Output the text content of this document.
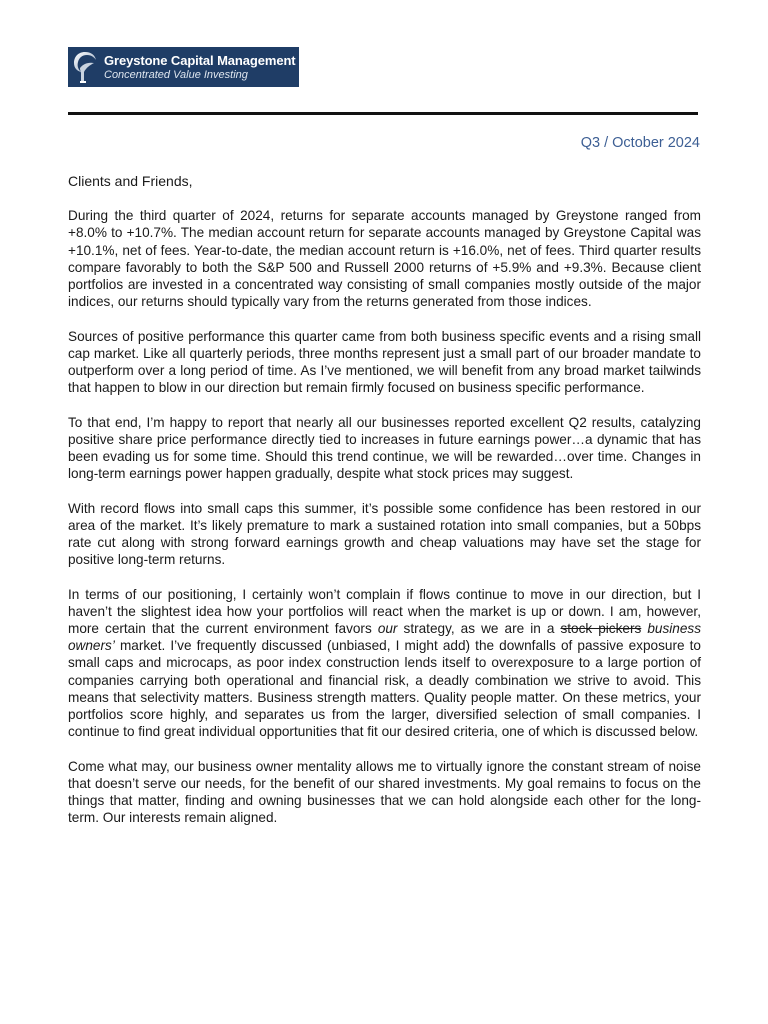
Greystone Capital Management
Concentrated Value Investing
Q3 / October 2024

Clients and Friends,

During the third quarter of 2024, returns for separate accounts managed by Greystone ranged from +8.0% to +10.7%. The median account return for separate accounts managed by Greystone Capital was +10.1%, net of fees. Year-to-date, the median account return is +16.0%, net of fees. Third quarter results compare favorably to both the S&P 500 and Russell 2000 returns of +5.9% and +9.3%. Because client portfolios are invested in a concentrated way consisting of small companies mostly outside of the major indices, our returns should typically vary from the returns generated from those indices.

Sources of positive performance this quarter came from both business specific events and a rising small cap market. Like all quarterly periods, three months represent just a small part of our broader mandate to outperform over a long period of time. As I’ve mentioned, we will benefit from any broad market tailwinds that happen to blow in our direction but remain firmly focused on business specific performance.

To that end, I’m happy to report that nearly all our businesses reported excellent Q2 results, catalyzing positive share price performance directly tied to increases in future earnings power…a dynamic that has been evading us for some time. Should this trend continue, we will be rewarded…over time. Changes in long-term earnings power happen gradually, despite what stock prices may suggest.

With record flows into small caps this summer, it’s possible some confidence has been restored in our area of the market. It’s likely premature to mark a sustained rotation into small companies, but a 50bps rate cut along with strong forward earnings growth and cheap valuations may have set the stage for positive long-term returns.

In terms of our positioning, I certainly won’t complain if flows continue to move in our direction, but I haven’t the slightest idea how your portfolios will react when the market is up or down. I am, however, more certain that the current environment favors our strategy, as we are in a stock pickers business owners’ market. I’ve frequently discussed (unbiased, I might add) the downfalls of passive exposure to small caps and microcaps, as poor index construction lends itself to overexposure to a large portion of companies carrying both operational and financial risk, a deadly combination we strive to avoid. This means that selectivity matters. Business strength matters. Quality people matter. On these metrics, your portfolios score highly, and separates us from the larger, diversified selection of small companies. I continue to find great individual opportunities that fit our desired criteria, one of which is discussed below.

Come what may, our business owner mentality allows me to virtually ignore the constant stream of noise that doesn’t serve our needs, for the benefit of our shared investments. My goal remains to focus on the things that matter, finding and owning businesses that we can hold alongside each other for the long-term. Our interests remain aligned.
